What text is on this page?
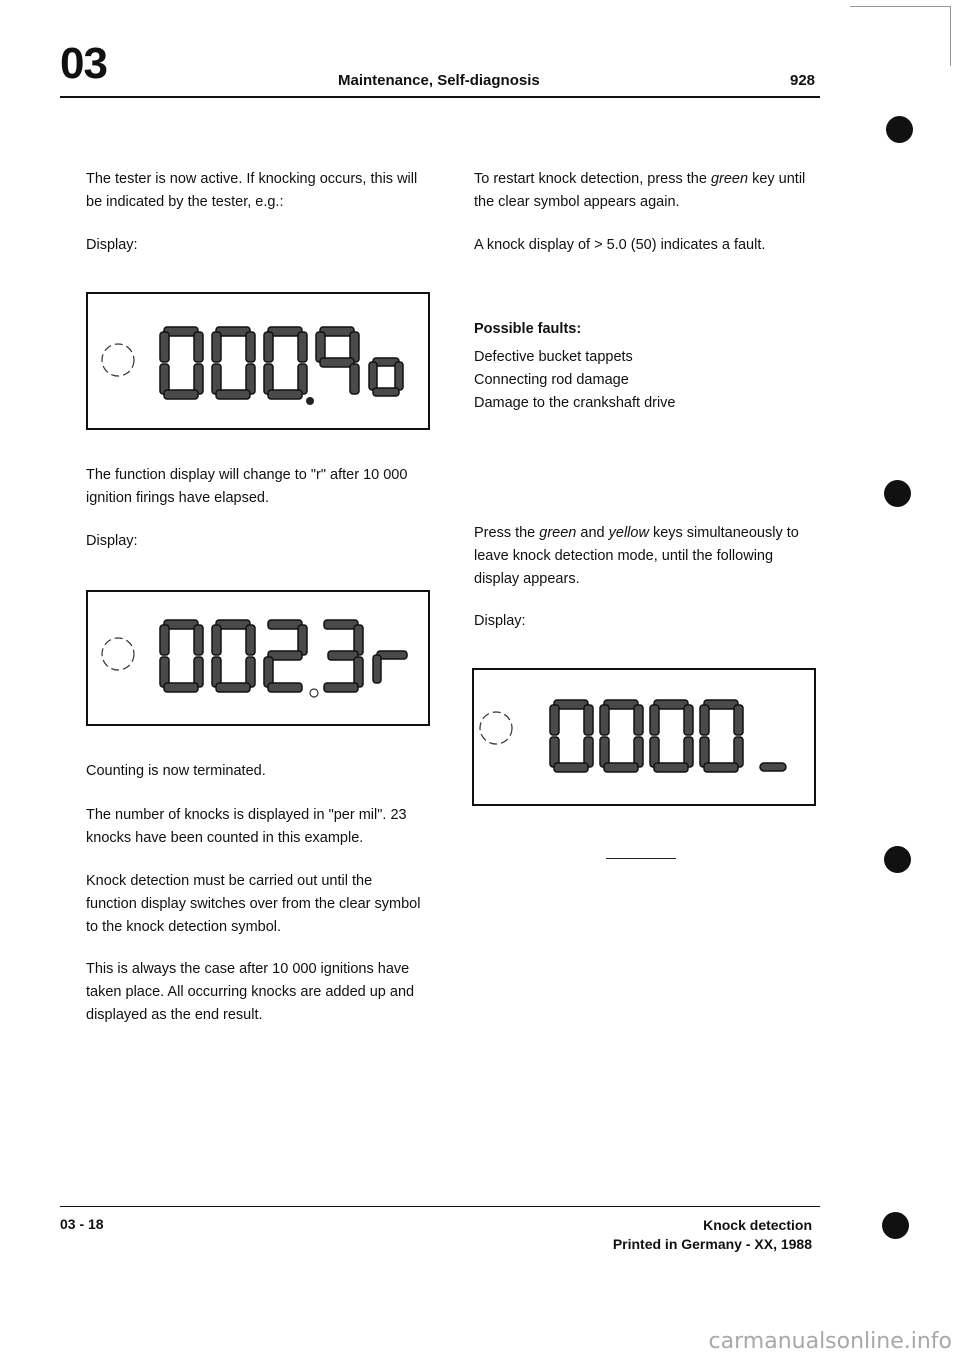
03	Maintenance, Self-diagnosis	928

The tester is now active. If knocking occurs, this will be indicated by the tester, e.g.:

Display:

The function display will change to "r" after 10 000 ignition firings have elapsed.

Display:

Counting is now terminated.

The number of knocks is displayed in "per mil". 23 knocks have been counted in this example.

Knock detection must be carried out until the function display switches over from the clear symbol to the knock detection symbol.

This is always the case after 10 000 ignitions have taken place. All occurring knocks are added up and displayed as the end result.

To restart knock detection, press the green key until the clear symbol appears again.

A knock display of > 5.0 (50) indicates a fault.

Possible faults:

Defective bucket tappets

Connecting rod damage

Damage to the crankshaft drive

Press the green and yellow keys simultaneously to leave knock detection mode, until the following display appears.

Display:

03 - 18	Knock detection
Printed in Germany - XX, 1988
carmanualsonline.info
